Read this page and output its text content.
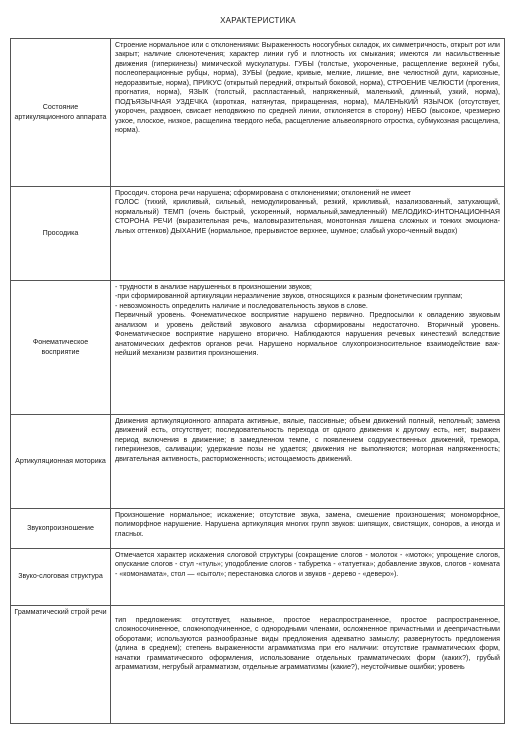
ХАРАКТЕРИСТИКА
Состояние артикуляционного аппарата	Строение нормальное или с отклонениями: Выраженность носогубных складок, их симметричность, открыт рот или закрыт; наличие слюнотечения; характер линии губ и плотность их смыкания; имеются ли насильственные движения (гиперкинезы) мимической мускулатуры. ГУБЫ (толстые, укороченные, расщепление верхней губы, послеоперационные рубцы, норма), ЗУБЫ (редкие, кривые, мелкие, лишние, вне челюстной дуги, кариозные, недоразвитые, норма), ПРИКУС (открытый передний, открытый боковой, норма), СТРОЕНИЕ ЧЕЛЮСТИ (прогения, прогнатия, норма), ЯЗЫК (толстый, распластанный, напряженный, маленький, длинный, узкий, норма), ПОДЪЯЗЫЧНАЯ УЗДЕЧКА (короткая, натянутая, приращенная, норма), МАЛЕНЬКИЙ ЯЗЫЧОК (отсутствует, укорочен, раздвоен, свисает неподвижно по средней линии, отклоняется в сторону) НЕБО (высокое, чрезмерно узкое, плоское, низкое, расщелина твердого неба, расщепление альвеолярного отростка, субмукозная расщелина, норма).

Просодика	Просодич. сторона речи нарушена; сформирована с отклонениями; отклонений не имеет
ГОЛОС (тихий, крикливый, сильный, немодулированный, резкий, крикливый, назализованный, затухающий, нормальный) ТЕМП (очень быстрый, ускоренный, нормальный,замедленный) МЕЛОДИКО-ИНТОНАЦИОННАЯ СТОРОНА РЕЧИ (выразительная речь, маловыразительная, монотонная лишена сложных и тонких эмоциона-льных оттенков) ДЫХАНИЕ (нормальное, прерывистое верхнее, шумное; слабый укоро-ченный выдох)

Фонематическое восприятие	- трудности в анализе нарушенных в произношении звуков;
-при сформированной артикуляции неразличение звуков, относящихся к разным фонетическим группам;
- невозможность определить наличие и последовательность звуков в слове.
Первичный уровень. Фонематическое восприятие нарушено первично. Предпосылки к овладению звуковым анализом и уровень действий звукового анализа сформированы недостаточно. Вторичный уровень. Фонематическое восприятие нарушено вторично. Наблюдаются нарушения речевых кинестезий вследствие анатомических дефектов органов речи. Нарушено нормальное слухопроизносительное взаимодействие важ-нейший механизм развития произношения.

Артикуляционная моторика	Движения артикуляционного аппарата активные, вялые, пассивные; объем движений полный, неполный; замена движений есть, отсутствует; последовательность перехода от одного движения к другому есть, нет; выражен период включения в движение; в замедленном темпе, с появлением содружественных движений, тремора, гиперкинезов, саливации; удержание позы не удается; движения не выполняются; моторная напряженность; двигательная активность, расторможенность; истощаемость движений.

Звукопроизношение	Произношение нормальное; искажение; отсутствие звука, замена, смешение произношения; мономорфное, полиморфное нарушение. Нарушена артикуляция многих групп звуков: шипящих, свистящих, соноров, а иногда и гласных.

Звуко-слоговая структура	Отмечается характер искажения слоговой структуры (сокращение слогов - молоток - «моток»; упрощение слогов, опускание слогов - стул -«туль»; уподобление слогов - табуретка - «татуетка»; добавление звуков, слогов - комната - «комонамата», стол — «сытол»; перестановка слогов и звуков - дерево - «дeверo»).

Грамматический строй речи	тип предложения: отсутствует, назывное, простое нераспространенное, простое распространенное, сложносочиненное, сложноподчиненное, с однородными членами, осложненное причастными и деепричастными оборотами; используются разнообразные виды предложения адекватно замыслу; развернутость предложения (длина в среднем); степень выраженности аграмматизма при его наличии: отсутствие грамматических форм, начатки грамматического оформления, использование отдельных грамматических форм (каких?), грубый аграмматизм, негрубый аграмматизм, отдельные аграмматизмы (какие?), неустойчивые ошибки; уровень
